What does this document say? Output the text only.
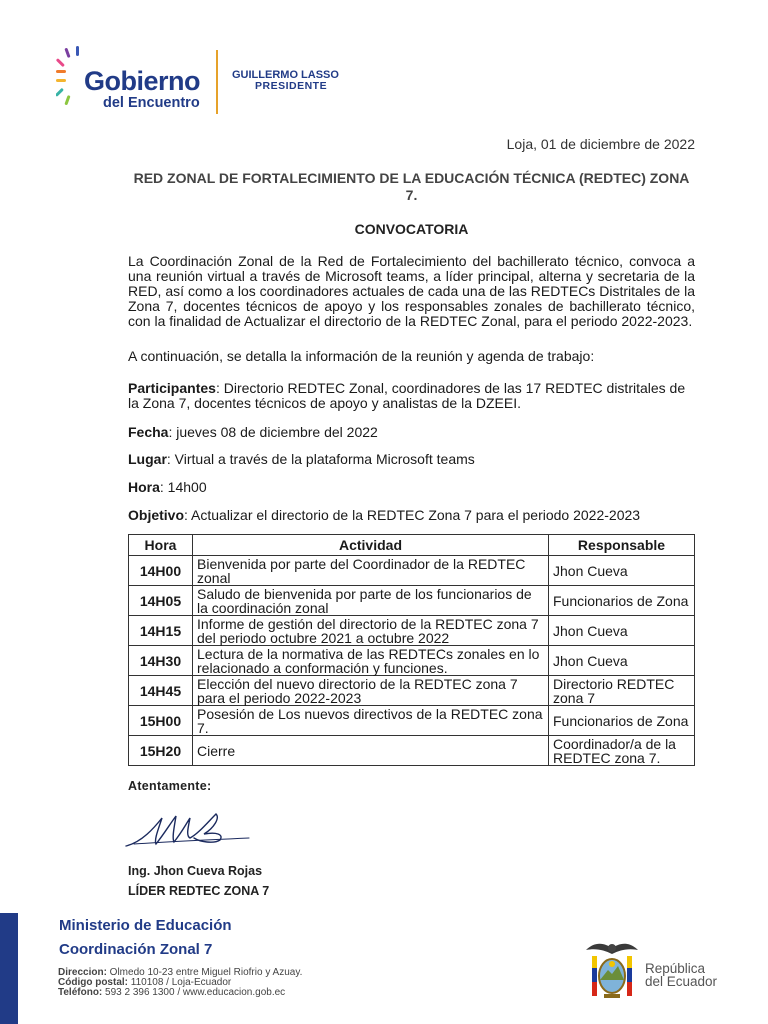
Gobierno
del Encuentro
GUILLERMO LASSO
PRESIDENTE
Loja, 01 de diciembre de 2022
RED ZONAL DE FORTALECIMIENTO DE LA EDUCACIÓN TÉCNICA (REDTEC) ZONA 7.
CONVOCATORIA
La Coordinación Zonal de la Red de Fortalecimiento del bachillerato técnico, convoca a una reunión virtual a través de Microsoft teams, a líder principal, alterna y secretaria de la RED, así como a los coordinadores actuales de cada una de las REDTECs Distritales de la Zona 7, docentes técnicos de apoyo y los responsables zonales de bachillerato técnico, con la finalidad de Actualizar el directorio de la REDTEC Zonal, para el periodo 2022-2023.
A continuación, se detalla la información de la reunión y agenda de trabajo:
Participantes: Directorio REDTEC Zonal, coordinadores de las 17 REDTEC distritales de la Zona 7, docentes técnicos de apoyo y analistas de la DZEEI.
Fecha: jueves 08 de diciembre del 2022
Lugar: Virtual a través de la plataforma Microsoft teams
Hora: 14h00
Objetivo: Actualizar el directorio de la REDTEC Zona 7 para el periodo 2022-2023
Hora	Actividad	Responsable
14H00	Bienvenida por parte del Coordinador de la REDTEC zonal	Jhon Cueva
14H05	Saludo de bienvenida por parte de los funcionarios de la coordinación zonal	Funcionarios de Zona
14H15	Informe de gestión del directorio de la REDTEC zona 7 del periodo octubre 2021 a octubre 2022	Jhon Cueva
14H30	Lectura de la normativa de las REDTECs zonales en lo relacionado a conformación y funciones.	Jhon Cueva
14H45	Elección del nuevo directorio de la REDTEC zona 7 para el periodo 2022-2023	Directorio REDTEC zona 7
15H00	Posesión de Los nuevos directivos de la REDTEC zona 7.	Funcionarios de Zona
15H20	Cierre	Coordinador/a de la REDTEC zona 7.
Atentamente:
Ing. Jhon Cueva Rojas
LÍDER REDTEC ZONA 7
Ministerio de Educación
Coordinación Zonal 7
Direccion: Olmedo 10-23 entre Miguel Riofrio y Azuay.
Código postal: 110108 / Loja-Ecuador
Teléfono: 593 2 396 1300 / www.educacion.gob.ec
República
del Ecuador
